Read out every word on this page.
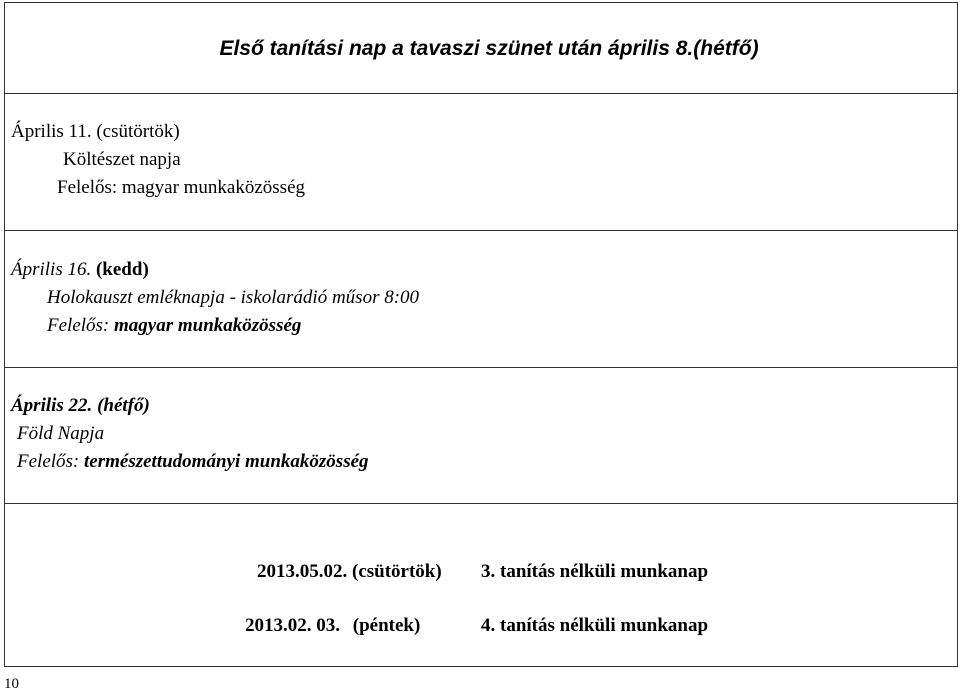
Első tanítási nap a tavaszi szünet után április 8.(hétfő)
Április 11. (csütörtök)
Költészet napja
Felelős: magyar munkaközösség
Április 16. (kedd)
Holokauszt emléknapja - iskolarádió műsor 8:00
Felelős: magyar munkaközösség
Április 22. (hétfő)
Föld Napja
Felelős: természettudományi munkaközösség
2013.05.02. (csütörtök) 3. tanítás nélküli munkanap
2013.02. 03. (péntek)	4. tanítás nélküli munkanap
10
